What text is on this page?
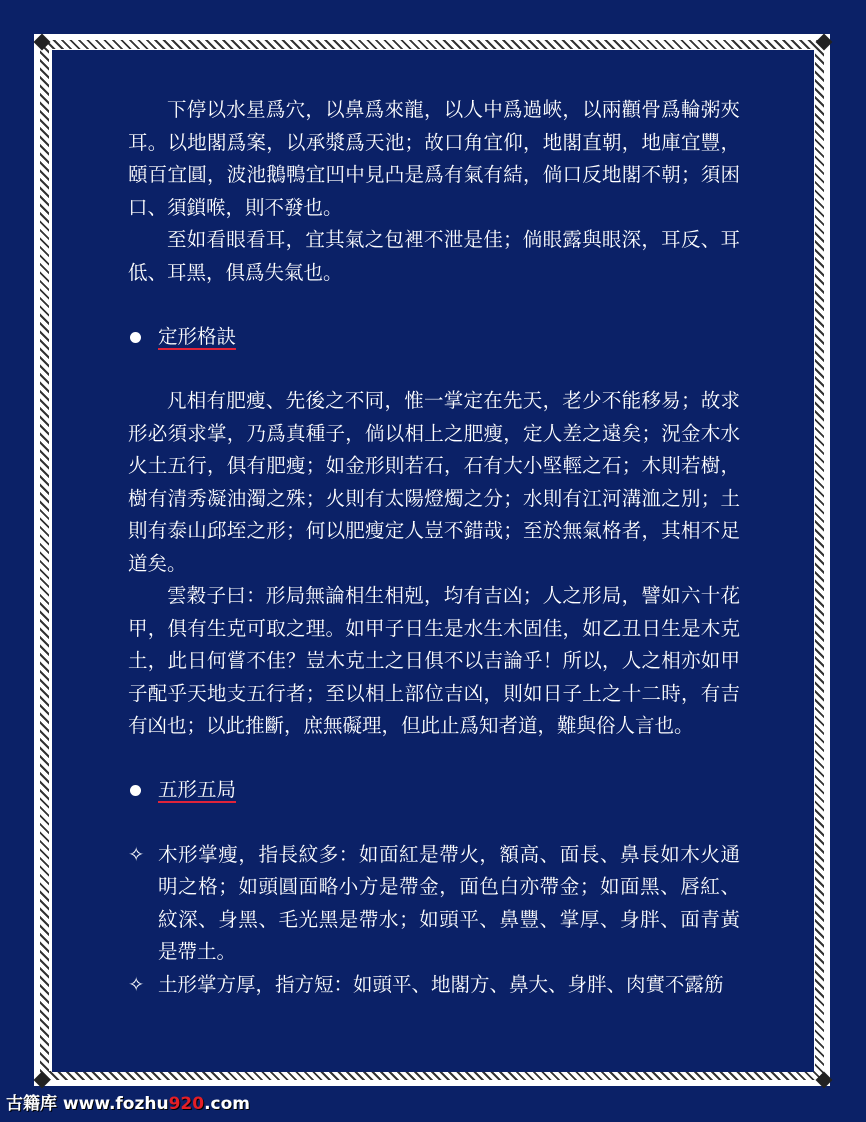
下停以水星爲穴，以鼻爲來龍，以人中爲過峽，以兩顴骨爲輪粥夾耳。以地閣爲案，以承漿爲天池；故口角宜仰，地閣直朝，地庫宜豐，頤百宜圓，波池鵝鴨宜凹中見凸是爲有氣有結，倘口反地閣不朝；須困口、須鎖喉，則不發也。

至如看眼看耳，宜其氣之包裡不泄是佳；倘眼露與眼深，耳反、耳低、耳黑，俱爲失氣也。

定形格訣

凡相有肥瘦、先後之不同，惟一掌定在先天，老少不能移易；故求形必須求掌，乃爲真種子，倘以相上之肥瘦，定人差之遠矣；況金木水火土五行，俱有肥瘦；如金形則若石，石有大小堅輕之石；木則若樹，樹有清秀凝油濁之殊；火則有太陽燈燭之分；水則有江河溝洫之別；土則有泰山邱垤之形；何以肥瘦定人豈不錯哉；至於無氣格者，其相不足道矣。

雲穀子曰：形局無論相生相剋，均有吉凶；人之形局，譬如六十花甲，俱有生克可取之理。如甲子日生是水生木固佳，如乙丑日生是木克土，此日何嘗不佳？豈木克土之日俱不以吉論乎！所以，人之相亦如甲子配乎天地支五行者；至以相上部位吉凶，則如日子上之十二時，有吉有凶也；以此推斷，庶無礙理，但此止爲知者道，難與俗人言也。

五形五局
✧ 木形掌瘦，指長紋多：如面紅是帶火，額高、面長、鼻長如木火通明之格；如頭圓面略小方是帶金，面色白亦帶金；如面黑、唇紅、紋深、身黑、毛光黑是帶水；如頭平、鼻豐、掌厚、身胖、面青黃是帶土。
✧ 土形掌方厚，指方短：如頭平、地閣方、鼻大、身胖、肉實不露筋
古籍库 www.fozhu920.com
